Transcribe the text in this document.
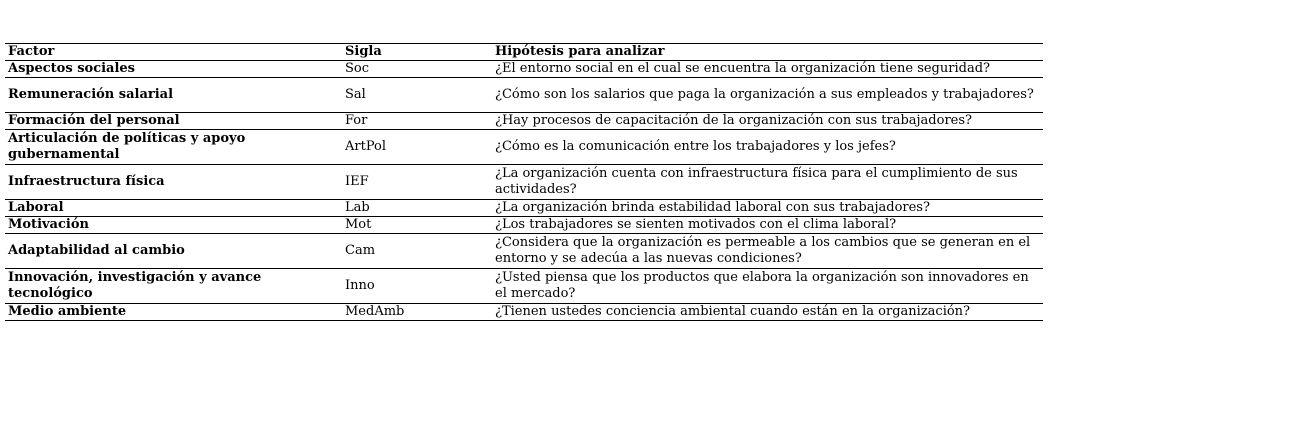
Factor	Sigla	Hipótesis para analizar
Aspectos sociales	Soc	¿El entorno social en el cual se encuentra la organización tiene seguridad?
Remuneración salarial	Sal	¿Cómo son los salarios que paga la organización a sus empleados y trabajadores?
Formación del personal	For	¿Hay procesos de capacitación de la organización con sus trabajadores?
Articulación de políticas y apoyo gubernamental	ArtPol	¿Cómo es la comunicación entre los trabajadores y los jefes?
Infraestructura física	IEF	¿La organización cuenta con infraestructura física para el cumplimiento de sus actividades?
Laboral	Lab	¿La organización brinda estabilidad laboral con sus trabajadores?
Motivación	Mot	¿Los trabajadores se sienten motivados con el clima laboral?
Adaptabilidad al cambio	Cam	¿Considera que la organización es permeable a los cambios que se generan en el entorno y se adecúa a las nuevas condiciones?
Innovación, investigación y avance tecnológico	Inno	¿Usted piensa que los productos que elabora la organización son innovadores en el mercado?
Medio ambiente	MedAmb	¿Tienen ustedes conciencia ambiental cuando están en la organización?
